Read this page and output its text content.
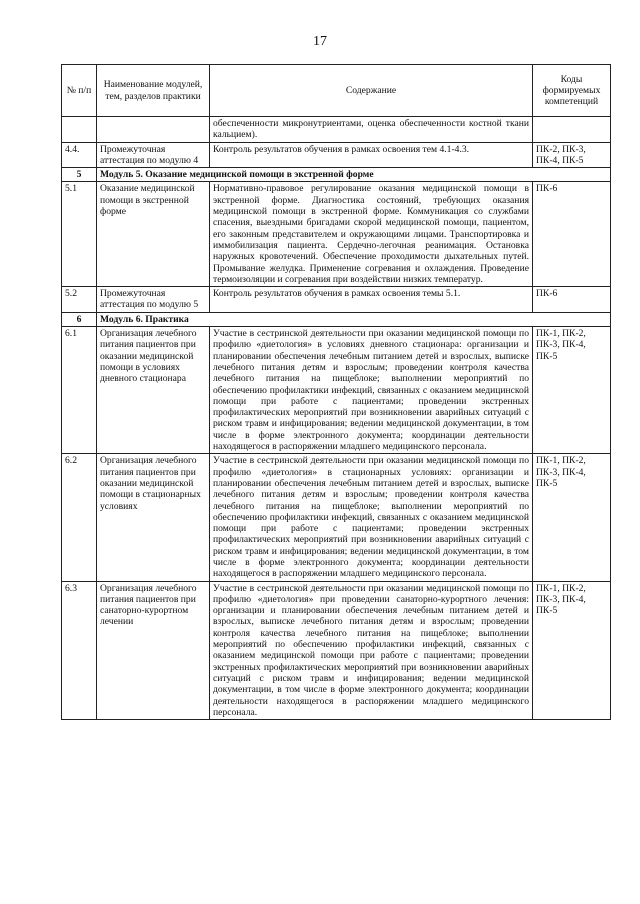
17
№ п/п	Наименование модулей, тем, разделов практики	Содержание	Коды формируемых компетенций
		обеспеченности микронутриентами, оценка обеспеченности костной ткани кальцием).	
4.4.	Промежуточная аттестация по модулю 4	Контроль результатов обучения в рамках освоения тем 4.1-4.3.	ПК-2, ПК-3, ПК-4, ПК-5
5	Модуль 5. Оказание медицинской помощи в экстренной форме		
5.1	Оказание медицинской помощи в экстренной форме	Нормативно-правовое регулирование оказания медицинской помощи в экстренной форме. Диагностика состояний, требующих оказания медицинской помощи в экстренной форме. Коммуникация со службами спасения, выездными бригадами скорой медицинской помощи, пациентом, его законным представителем и окружающими лицами. Транспортировка и иммобилизация пациента. Сердечно-легочная реанимация. Остановка наружных кровотечений. Обеспечение проходимости дыхательных путей. Промывание желудка. Применение согревания и охлаждения. Проведение термоизоляции и согревания при воздействии низких температур.	ПК-6
5.2	Промежуточная аттестация по модулю 5	Контроль результатов обучения в рамках освоения темы 5.1.	ПК-6
6	Модуль 6. Практика		
6.1	Организация лечебного питания пациентов при оказании медицинской помощи в условиях дневного стационара	Участие в сестринской деятельности при оказании медицинской помощи по профилю «диетология» в условиях дневного стационара: организации и планировании обеспечения лечебным питанием детей и взрослых, выписке лечебного питания детям и взрослым; проведении контроля качества лечебного питания на пищеблоке; выполнении мероприятий по обеспечению профилактики инфекций, связанных с оказанием медицинской помощи при работе с пациентами; проведении экстренных профилактических мероприятий при возникновении аварийных ситуаций с риском травм и инфицирования; ведении медицинской документации, в том числе в форме электронного документа; координации деятельности находящегося в распоряжении младшего медицинского персонала.	ПК-1, ПК-2, ПК-3, ПК-4, ПК-5
6.2	Организация лечебного питания пациентов при оказании медицинской помощи в стационарных условиях	Участие в сестринской деятельности при оказании медицинской помощи по профилю «диетология» в стационарных условиях: организации и планировании обеспечения лечебным питанием детей и взрослых, выписке лечебного питания детям и взрослым; проведении контроля качества лечебного питания на пищеблоке; выполнении мероприятий по обеспечению профилактики инфекций, связанных с оказанием медицинской помощи при работе с пациентами; проведении экстренных профилактических мероприятий при возникновении аварийных ситуаций с риском травм и инфицирования; ведении медицинской документации, в том числе в форме электронного документа; координации деятельности находящегося в распоряжении младшего медицинского персонала.	ПК-1, ПК-2, ПК-3, ПК-4, ПК-5
6.3	Организация лечебного питания пациентов при санаторно-курортном лечении	Участие в сестринской деятельности при оказании медицинской помощи по профилю «диетология» при проведении санаторно-курортного лечения: организации и планировании обеспечения лечебным питанием детей и взрослых, выписке лечебного питания детям и взрослым; проведении контроля качества лечебного питания на пищеблоке; выполнении мероприятий по обеспечению профилактики инфекций, связанных с оказанием медицинской помощи при работе с пациентами; проведении экстренных профилактических мероприятий при возникновении аварийных ситуаций с риском травм и инфицирования; ведении медицинской документации, в том числе в форме электронного документа; координации деятельности находящегося в распоряжении младшего медицинского персонала.	ПК-1, ПК-2, ПК-3, ПК-4, ПК-5
